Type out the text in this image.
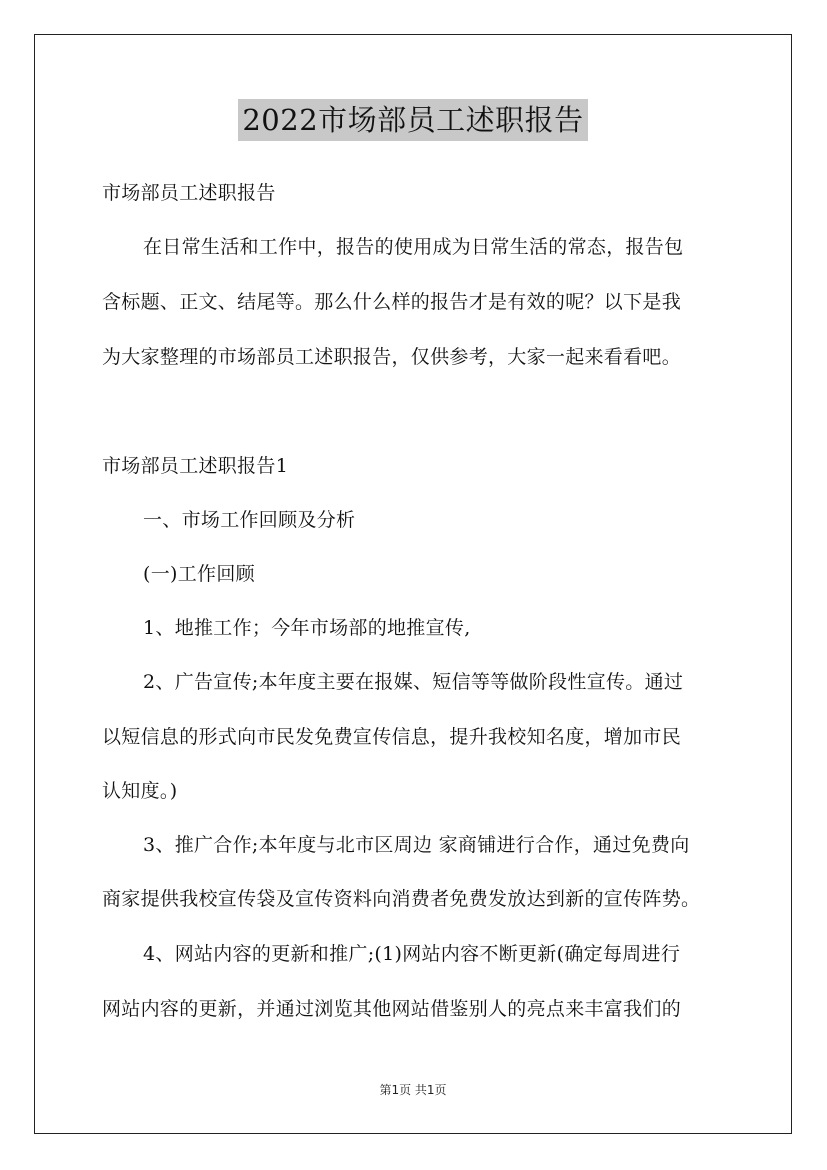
2022市场部员工述职报告
市场部员工述职报告
在日常生活和工作中，报告的使用成为日常生活的常态，报告包
含标题、正文、结尾等。那么什么样的报告才是有效的呢？以下是我
为大家整理的市场部员工述职报告，仅供参考，大家一起来看看吧。
市场部员工述职报告1
一、市场工作回顾及分析
(一)工作回顾
1、地推工作；今年市场部的地推宣传,
2、广告宣传;本年度主要在报媒、短信等等做阶段性宣传。通过
以短信息的形式向市民发免费宣传信息，提升我校知名度，增加市民
认知度。)
3、推广合作;本年度与北市区周边 家商铺进行合作，通过免费向
商家提供我校宣传袋及宣传资料向消费者免费发放达到新的宣传阵势。
4、网站内容的更新和推广;(1)网站内容不断更新(确定每周进行
网站内容的更新，并通过浏览其他网站借鉴别人的亮点来丰富我们的
第1页 共1页
